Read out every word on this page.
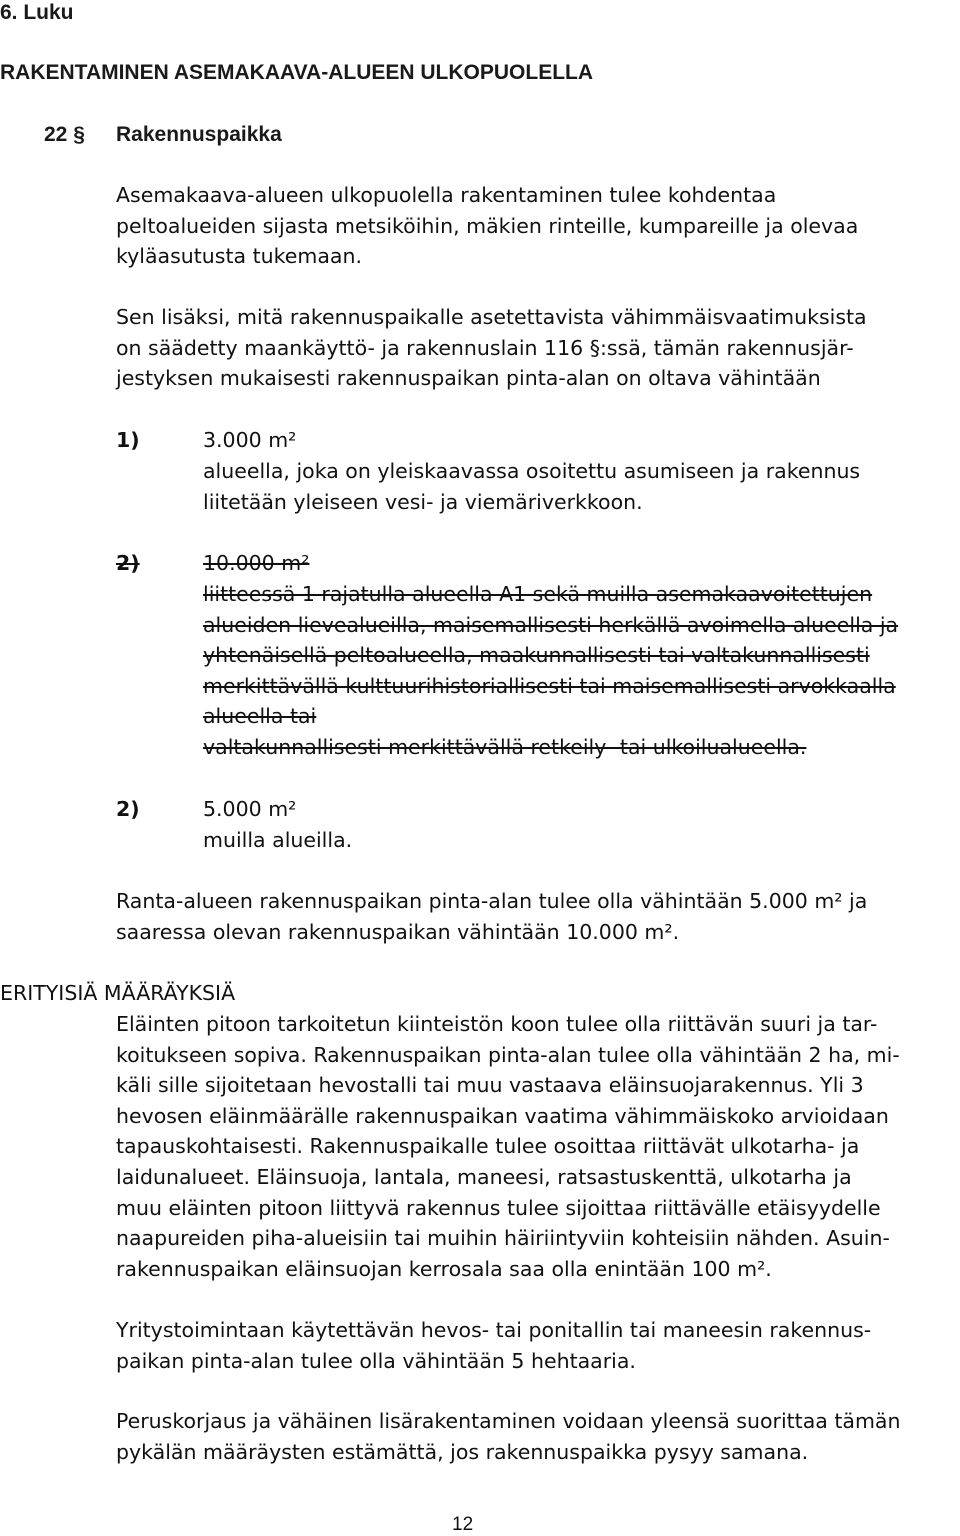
6. Luku
RAKENTAMINEN ASEMAKAAVA-ALUEEN ULKOPUOLELLA
22 § Rakennuspaikka

Asemakaava-alueen ulkopuolella rakentaminen tulee kohdentaa

peltoalueiden sijasta metsiköihin, mäkien rinteille, kumpareille ja olevaa

kyläasutusta tukemaan.

Sen lisäksi, mitä rakennuspaikalle asetettavista vähimmäisvaatimuksista

on säädetty maankäyttö- ja rakennuslain 116 §:ssä, tämän rakennusjär-

jestyksen mukaisesti rakennuspaikan pinta-alan on oltava vähintään

1)	3.000 m²

alueella, joka on yleiskaavassa osoitettu asumiseen ja rakennus

liitetään yleiseen vesi- ja viemäriverkkoon.

2)	10.000 m²

liitteessä 1 rajatulla alueella A1 sekä muilla asemakaavoitettujen

alueiden lievealueilla, maisemallisesti herkällä avoimella alueella ja

yhtenäisellä peltoalueella, maakunnallisesti tai valtakunnallisesti

merkittävällä kulttuurihistoriallisesti tai maisemallisesti arvokkaalla

alueella tai

valtakunnallisesti merkittävällä retkeily- tai ulkoilualueella.

2)	5.000 m²

muilla alueilla.

Ranta-alueen rakennuspaikan pinta-alan tulee olla vähintään 5.000 m² ja

saaressa olevan rakennuspaikan vähintään 10.000 m².

ERITYISIÄ MÄÄRÄYKSIÄ

Eläinten pitoon tarkoitetun kiinteistön koon tulee olla riittävän suuri ja tar-

koitukseen sopiva. Rakennuspaikan pinta-alan tulee olla vähintään 2 ha, mi-

käli sille sijoitetaan hevostalli tai muu vastaava eläinsuojarakennus. Yli 3

hevosen eläinmäärälle rakennuspaikan vaatima vähimmäiskoko arvioidaan

tapauskohtaisesti. Rakennuspaikalle tulee osoittaa riittävät ulkotarha- ja

laidunalueet. Eläinsuoja, lantala, maneesi, ratsastuskenttä, ulkotarha ja

muu eläinten pitoon liittyvä rakennus tulee sijoittaa riittävälle etäisyydelle

naapureiden piha-alueisiin tai muihin häiriintyviin kohteisiin nähden. Asuin-

rakennuspaikan eläinsuojan kerrosala saa olla enintään 100 m².

Yritystoimintaan käytettävän hevos- tai ponitallin tai maneesin rakennus-

paikan pinta-alan tulee olla vähintään 5 hehtaaria.

Peruskorjaus ja vähäinen lisärakentaminen voidaan yleensä suorittaa tämän

pykälän määräysten estämättä, jos rakennuspaikka pysyy samana.

12
